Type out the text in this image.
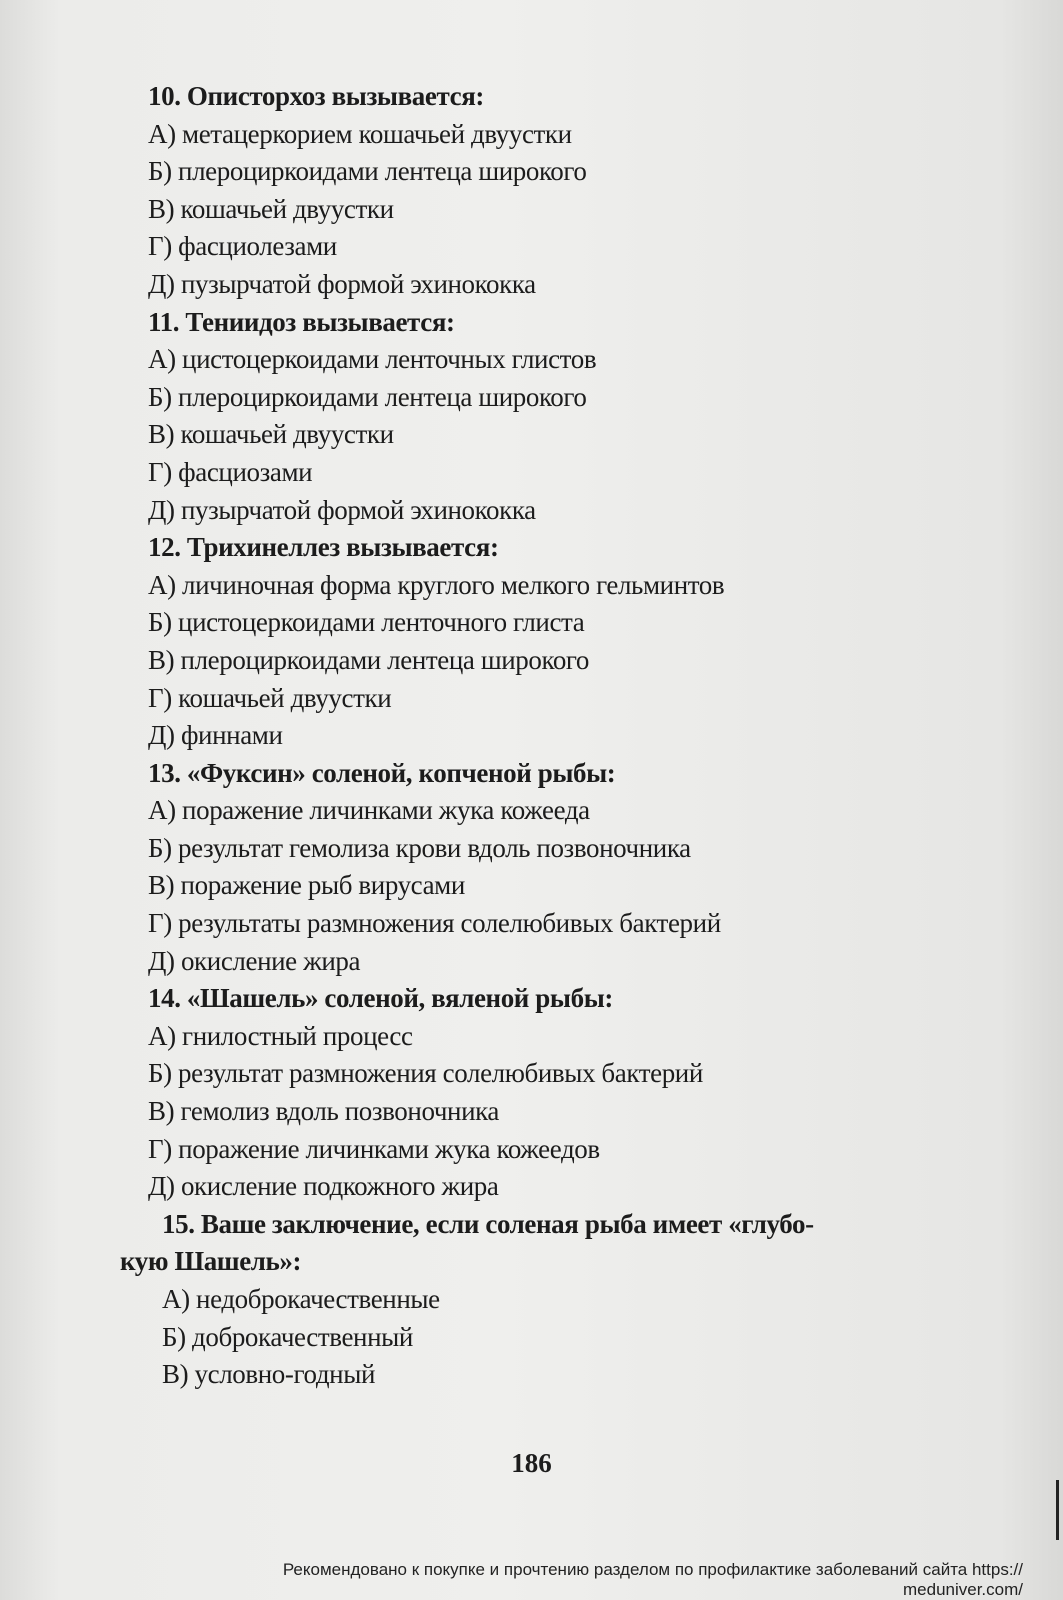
10. Описторхоз вызывается:
А) метацеркорием кошачьей двуустки
Б) плероциркоидами лентеца широкого
В) кошачьей двуустки
Г) фасциолезами
Д) пузырчатой формой эхинококка
11. Тениидоз вызывается:
А) цистоцеркоидами ленточных глистов
Б) плероциркоидами лентеца широкого
В) кошачьей двуустки
Г) фасциозами
Д) пузырчатой формой эхинококка
12. Трихинеллез вызывается:
А) личиночная форма круглого мелкого гельминтов
Б) цистоцеркоидами ленточного глиста
В) плероциркоидами лентеца широкого
Г) кошачьей двуустки
Д) финнами
13. «Фуксин» соленой, копченой рыбы:
А) поражение личинками жука кожееда
Б) результат гемолиза крови вдоль позвоночника
В) поражение рыб вирусами
Г) результаты размножения солелюбивых бактерий
Д) окисление жира
14. «Шашель» соленой, вяленой рыбы:
А) гнилостный процесс
Б) результат размножения солелюбивых бактерий
В) гемолиз вдоль позвоночника
Г) поражение личинками жука кожеедов
Д) окисление подкожного жира
15. Ваше заключение, если соленая рыба имеет «глубо-
кую Шашель»:
А) недоброкачественные
Б) доброкачественный
В) условно-годный
186
Рекомендовано к покупке и прочтению разделом по профилактике заболеваний сайта https://
meduniver.com/
